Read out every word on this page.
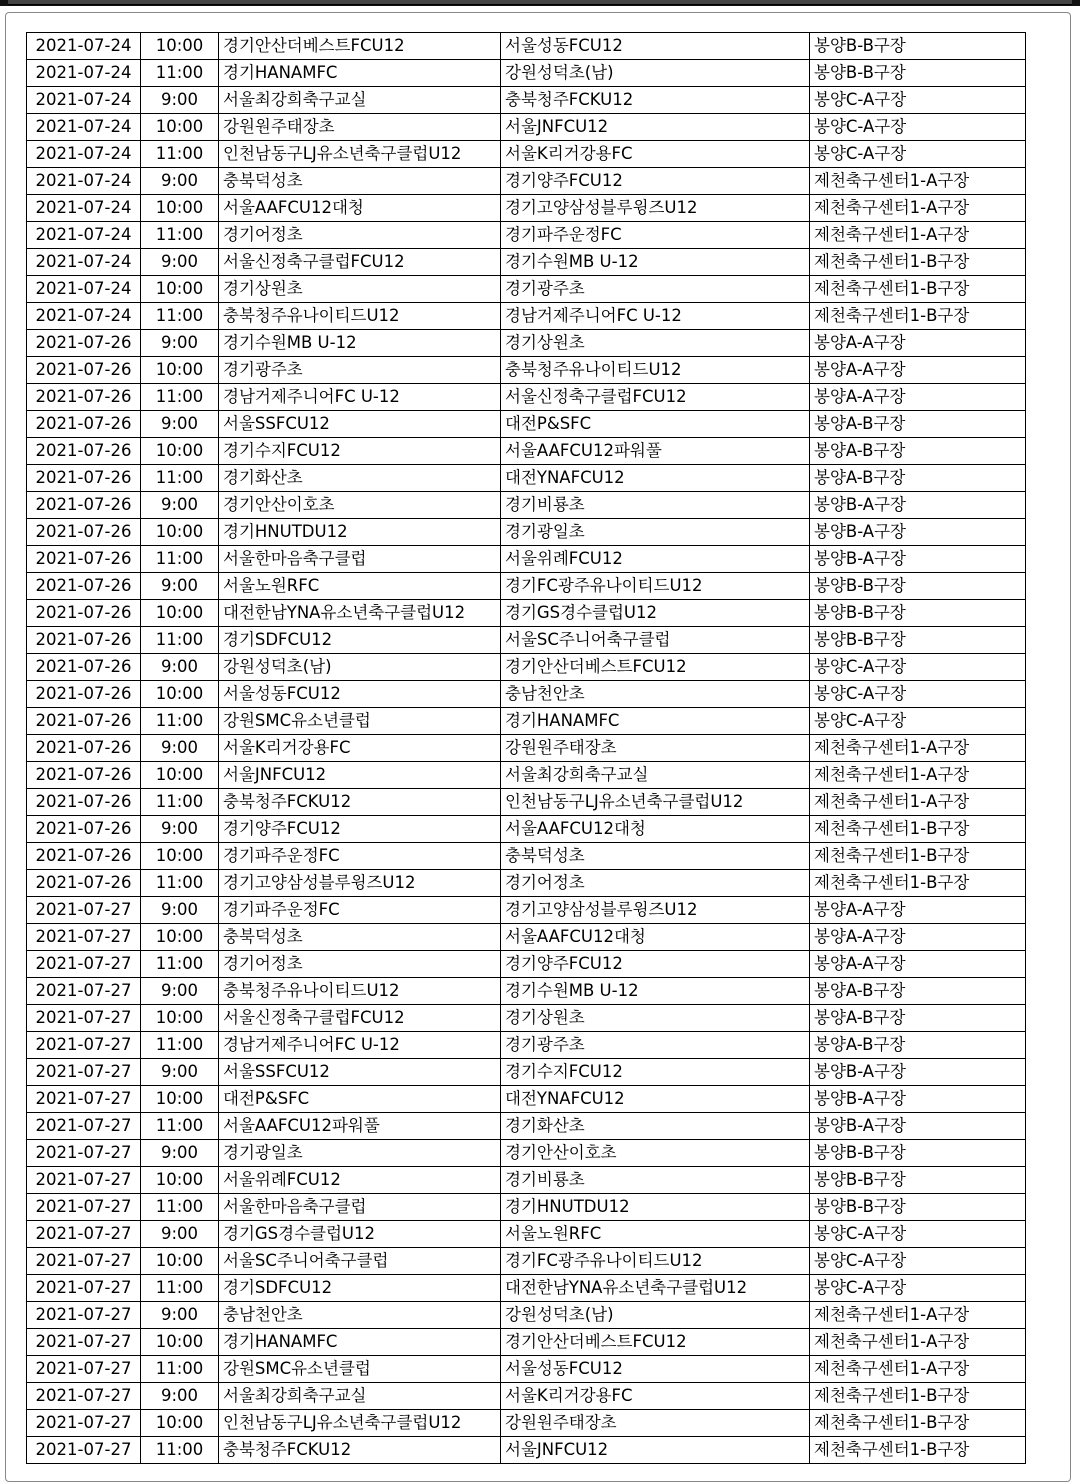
2021-07-24	10:00	경기안산더베스트FCU12	서울성동FCU12	봉양B-B구장
2021-07-24	11:00	경기HANAMFC	강원성덕초(남)	봉양B-B구장
2021-07-24	9:00	서울최강희축구교실	충북청주FCKU12	봉양C-A구장
2021-07-24	10:00	강원원주태장초	서울JNFCU12	봉양C-A구장
2021-07-24	11:00	인천남동구LJ유소년축구클럽U12	서울K리거강용FC	봉양C-A구장
2021-07-24	9:00	충북덕성초	경기양주FCU12	제천축구센터1-A구장
2021-07-24	10:00	서울AAFCU12대청	경기고양삼성블루윙즈U12	제천축구센터1-A구장
2021-07-24	11:00	경기어정초	경기파주운정FC	제천축구센터1-A구장
2021-07-24	9:00	서울신정축구클럽FCU12	경기수원MB U-12	제천축구센터1-B구장
2021-07-24	10:00	경기상원초	경기광주초	제천축구센터1-B구장
2021-07-24	11:00	충북청주유나이티드U12	경남거제주니어FC U-12	제천축구센터1-B구장
2021-07-26	9:00	경기수원MB U-12	경기상원초	봉양A-A구장
2021-07-26	10:00	경기광주초	충북청주유나이티드U12	봉양A-A구장
2021-07-26	11:00	경남거제주니어FC U-12	서울신정축구클럽FCU12	봉양A-A구장
2021-07-26	9:00	서울SSFCU12	대전P&SFC	봉양A-B구장
2021-07-26	10:00	경기수지FCU12	서울AAFCU12파워풀	봉양A-B구장
2021-07-26	11:00	경기화산초	대전YNAFCU12	봉양A-B구장
2021-07-26	9:00	경기안산이호초	경기비룡초	봉양B-A구장
2021-07-26	10:00	경기HNUTDU12	경기광일초	봉양B-A구장
2021-07-26	11:00	서울한마음축구클럽	서울위례FCU12	봉양B-A구장
2021-07-26	9:00	서울노원RFC	경기FC광주유나이티드U12	봉양B-B구장
2021-07-26	10:00	대전한남YNA유소년축구클럽U12	경기GS경수클럽U12	봉양B-B구장
2021-07-26	11:00	경기SDFCU12	서울SC주니어축구클럽	봉양B-B구장
2021-07-26	9:00	강원성덕초(남)	경기안산더베스트FCU12	봉양C-A구장
2021-07-26	10:00	서울성동FCU12	충남천안초	봉양C-A구장
2021-07-26	11:00	강원SMC유소년클럽	경기HANAMFC	봉양C-A구장
2021-07-26	9:00	서울K리거강용FC	강원원주태장초	제천축구센터1-A구장
2021-07-26	10:00	서울JNFCU12	서울최강희축구교실	제천축구센터1-A구장
2021-07-26	11:00	충북청주FCKU12	인천남동구LJ유소년축구클럽U12	제천축구센터1-A구장
2021-07-26	9:00	경기양주FCU12	서울AAFCU12대청	제천축구센터1-B구장
2021-07-26	10:00	경기파주운정FC	충북덕성초	제천축구센터1-B구장
2021-07-26	11:00	경기고양삼성블루윙즈U12	경기어정초	제천축구센터1-B구장
2021-07-27	9:00	경기파주운정FC	경기고양삼성블루윙즈U12	봉양A-A구장
2021-07-27	10:00	충북덕성초	서울AAFCU12대청	봉양A-A구장
2021-07-27	11:00	경기어정초	경기양주FCU12	봉양A-A구장
2021-07-27	9:00	충북청주유나이티드U12	경기수원MB U-12	봉양A-B구장
2021-07-27	10:00	서울신정축구클럽FCU12	경기상원초	봉양A-B구장
2021-07-27	11:00	경남거제주니어FC U-12	경기광주초	봉양A-B구장
2021-07-27	9:00	서울SSFCU12	경기수지FCU12	봉양B-A구장
2021-07-27	10:00	대전P&SFC	대전YNAFCU12	봉양B-A구장
2021-07-27	11:00	서울AAFCU12파워풀	경기화산초	봉양B-A구장
2021-07-27	9:00	경기광일초	경기안산이호초	봉양B-B구장
2021-07-27	10:00	서울위례FCU12	경기비룡초	봉양B-B구장
2021-07-27	11:00	서울한마음축구클럽	경기HNUTDU12	봉양B-B구장
2021-07-27	9:00	경기GS경수클럽U12	서울노원RFC	봉양C-A구장
2021-07-27	10:00	서울SC주니어축구클럽	경기FC광주유나이티드U12	봉양C-A구장
2021-07-27	11:00	경기SDFCU12	대전한남YNA유소년축구클럽U12	봉양C-A구장
2021-07-27	9:00	충남천안초	강원성덕초(남)	제천축구센터1-A구장
2021-07-27	10:00	경기HANAMFC	경기안산더베스트FCU12	제천축구센터1-A구장
2021-07-27	11:00	강원SMC유소년클럽	서울성동FCU12	제천축구센터1-A구장
2021-07-27	9:00	서울최강희축구교실	서울K리거강용FC	제천축구센터1-B구장
2021-07-27	10:00	인천남동구LJ유소년축구클럽U12	강원원주태장초	제천축구센터1-B구장
2021-07-27	11:00	충북청주FCKU12	서울JNFCU12	제천축구센터1-B구장
